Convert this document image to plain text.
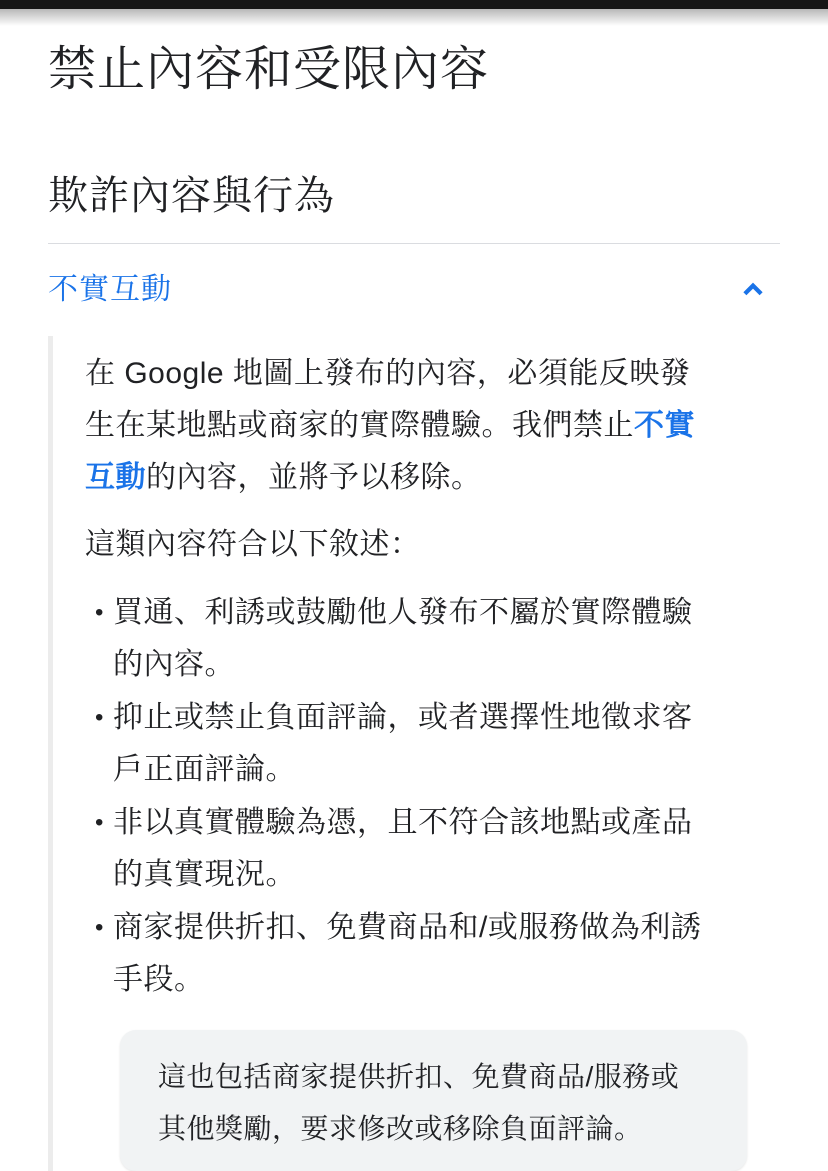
禁止內容和受限內容
欺詐內容與行為
不實互動

在 Google 地圖上發布的內容，必須能反映發生在某地點或商家的實際體驗。我們禁止不實互動的內容，並將予以移除。

這類內容符合以下敘述：

• 買通、利誘或鼓勵他人發布不屬於實際體驗的內容。
• 抑止或禁止負面評論，或者選擇性地徵求客戶正面評論。
• 非以真實體驗為憑，且不符合該地點或產品的真實現況。
• 商家提供折扣、免費商品和/或服務做為利誘手段。

這也包括商家提供折扣、免費商品/服務或其他獎勵，要求修改或移除負面評論。
